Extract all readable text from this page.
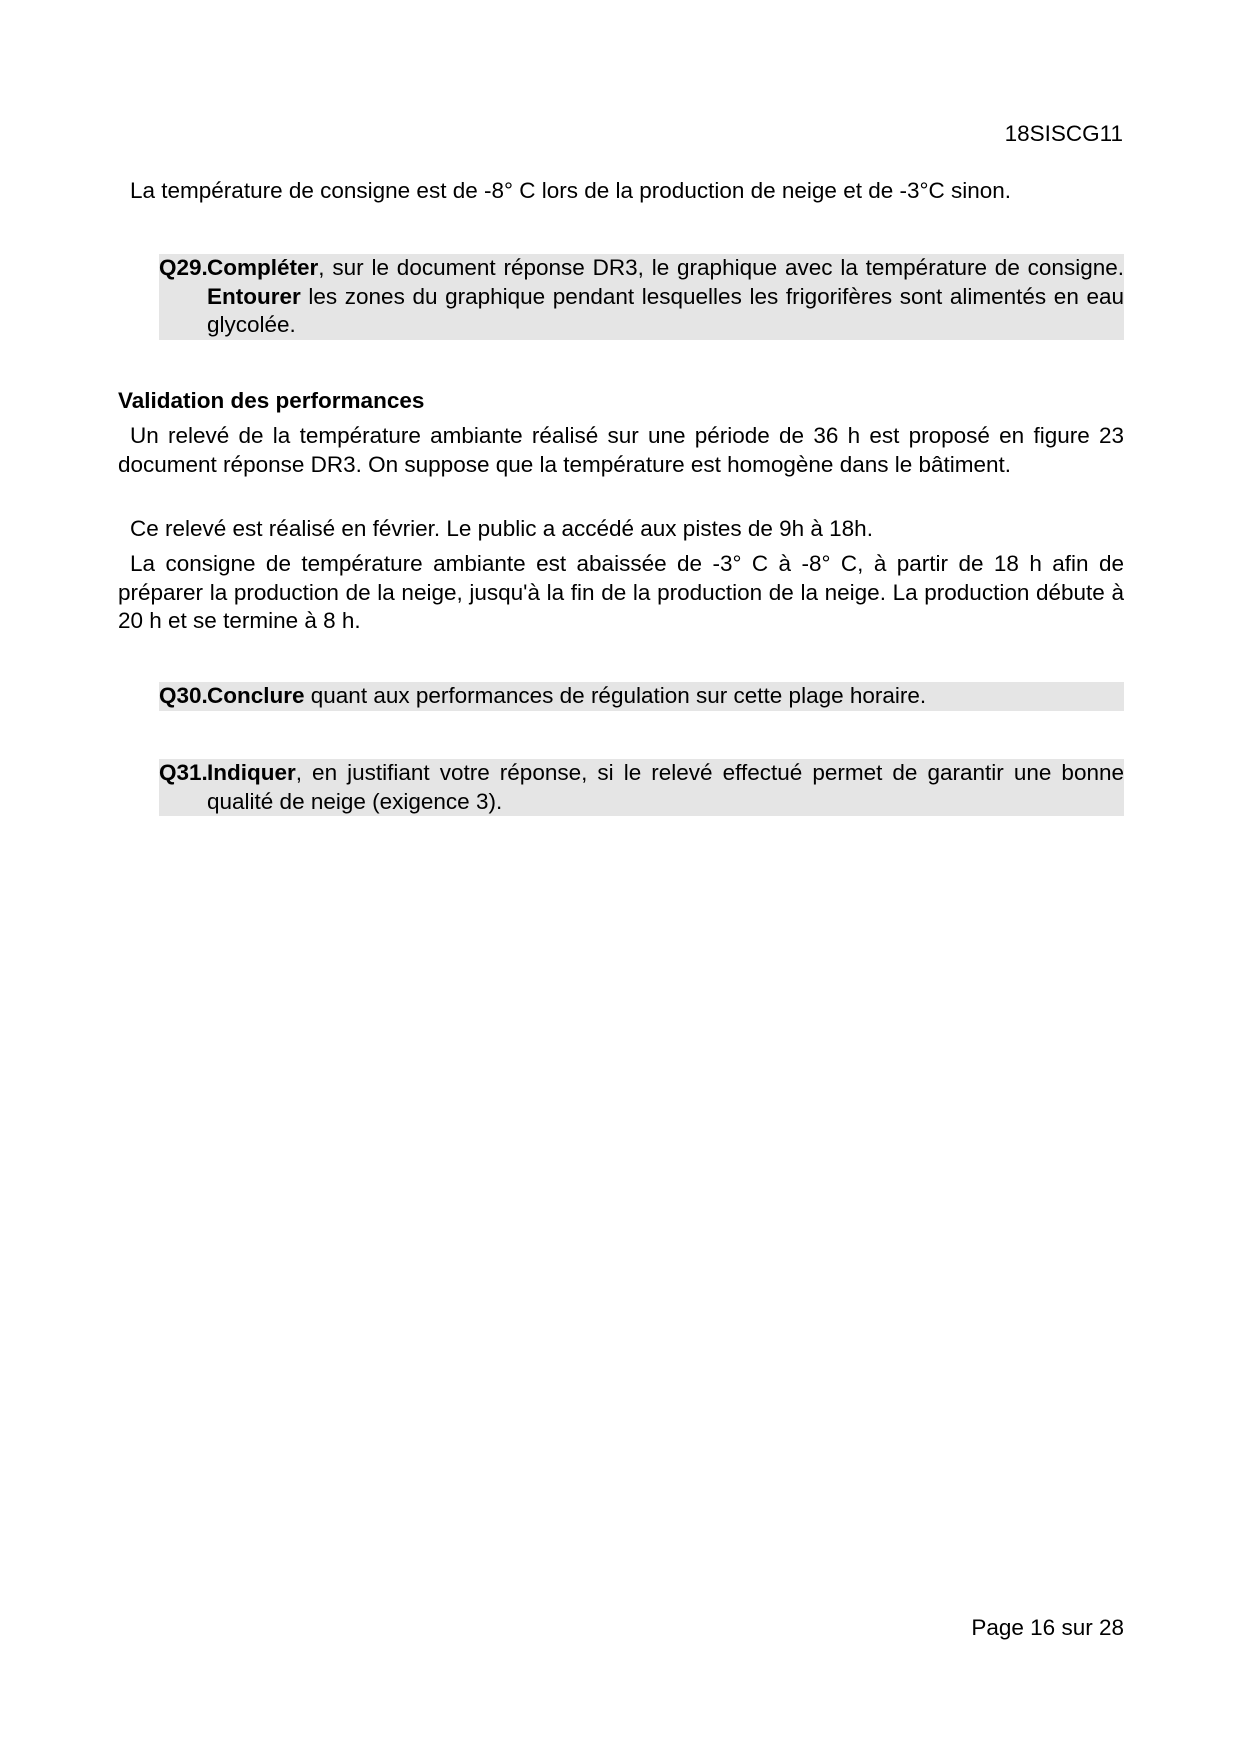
18SISCG11
La température de consigne est de -8° C lors de la production de neige et de -3°C sinon.

Q29.Compléter, sur le document réponse DR3, le graphique avec la température de consigne. Entourer les zones du graphique pendant lesquelles les frigorifères sont alimentés en eau glycolée.

Validation des performances

Un relevé de la température ambiante réalisé sur une période de 36 h est proposé en figure 23 document réponse DR3. On suppose que la température est homogène dans le bâtiment.

Ce relevé est réalisé en février. Le public a accédé aux pistes de 9h à 18h.

La consigne de température ambiante est abaissée de -3° C à -8° C, à partir de 18 h afin de préparer la production de la neige, jusqu'à la fin de la production de la neige. La production débute à 20 h et se termine à 8 h.

Q30.Conclure quant aux performances de régulation sur cette plage horaire.

Q31.Indiquer, en justifiant votre réponse, si le relevé effectué permet de garantir une bonne qualité de neige (exigence 3).

Page 16 sur 28
